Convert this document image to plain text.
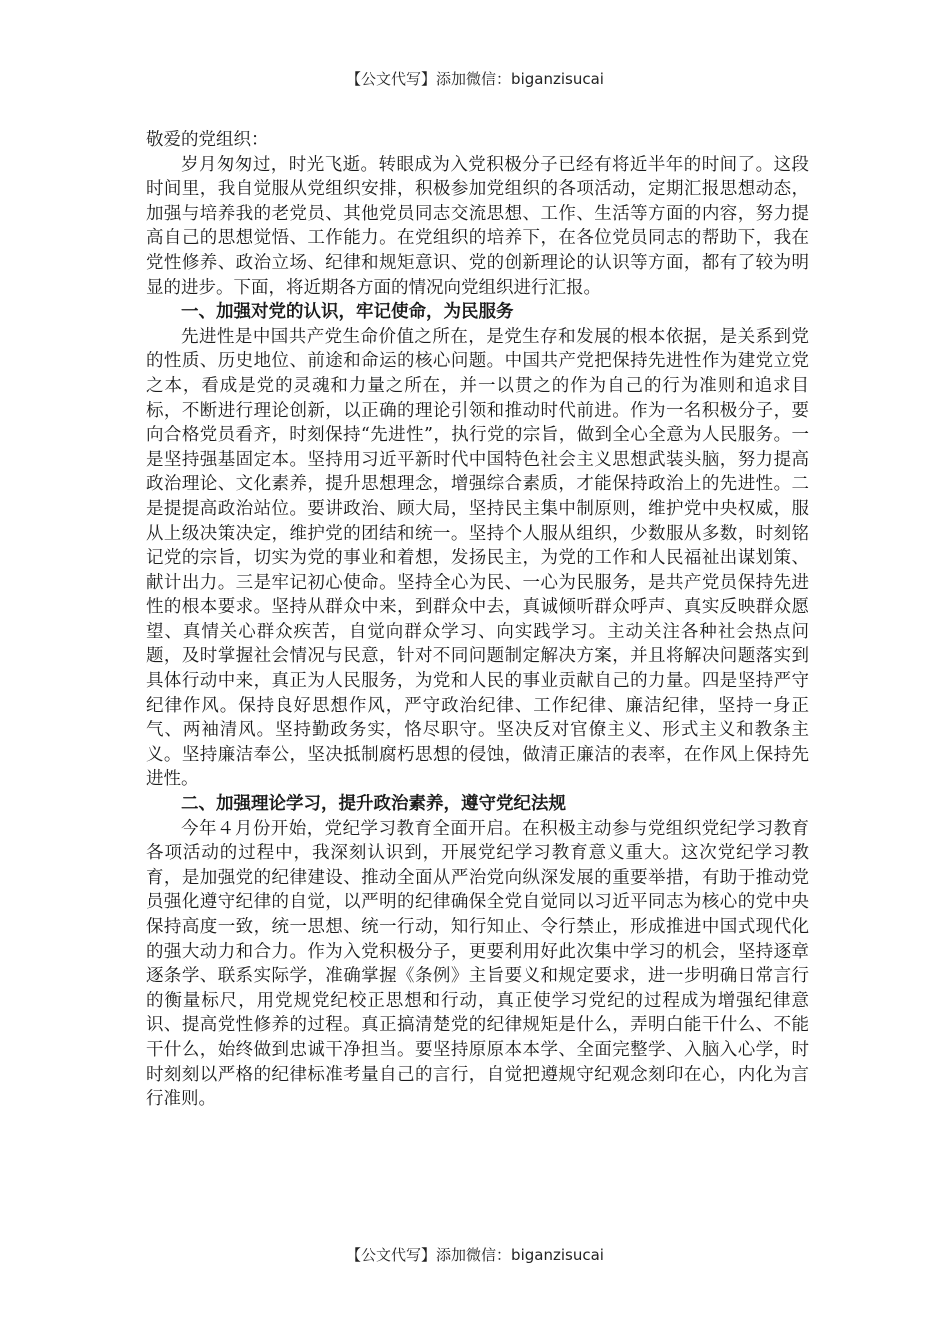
【公文代写】添加微信：biganzisucai

敬爱的党组织：

岁月匆匆过，时光飞逝。转眼成为入党积极分子已经有将近半年的时间了。这段时间里，我自觉服从党组织安排，积极参加党组织的各项活动，定期汇报思想动态，加强与培养我的老党员、其他党员同志交流思想、工作、生活等方面的内容，努力提高自己的思想觉悟、工作能力。在党组织的培养下，在各位党员同志的帮助下，我在党性修养、政治立场、纪律和规矩意识、党的创新理论的认识等方面，都有了较为明显的进步。下面，将近期各方面的情况向党组织进行汇报。

一、加强对党的认识，牢记使命，为民服务

先进性是中国共产党生命价值之所在，是党生存和发展的根本依据，是关系到党的性质、历史地位、前途和命运的核心问题。中国共产党把保持先进性作为建党立党之本，看成是党的灵魂和力量之所在，并一以贯之的作为自己的行为准则和追求目标，不断进行理论创新，以正确的理论引领和推动时代前进。作为一名积极分子，要向合格党员看齐，时刻保持“先进性”，执行党的宗旨，做到全心全意为人民服务。一是坚持强基固定本。坚持用习近平新时代中国特色社会主义思想武装头脑，努力提高政治理论、文化素养，提升思想理念，增强综合素质，才能保持政治上的先进性。二是提提高政治站位。要讲政治、顾大局，坚持民主集中制原则，维护党中央权威，服从上级决策决定，维护党的团结和统一。坚持个人服从组织，少数服从多数，时刻铭记党的宗旨，切实为党的事业和着想，发扬民主，为党的工作和人民福祉出谋划策、献计出力。三是牢记初心使命。坚持全心为民、一心为民服务，是共产党员保持先进性的根本要求。坚持从群众中来，到群众中去，真诚倾听群众呼声、真实反映群众愿望、真情关心群众疾苦，自觉向群众学习、向实践学习。主动关注各种社会热点问题，及时掌握社会情况与民意，针对不同问题制定解决方案，并且将解决问题落实到具体行动中来，真正为人民服务，为党和人民的事业贡献自己的力量。四是坚持严守纪律作风。保持良好思想作风，严守政治纪律、工作纪律、廉洁纪律，坚持一身正气、两袖清风。坚持勤政务实，恪尽职守。坚决反对官僚主义、形式主义和教条主义。坚持廉洁奉公，坚决抵制腐朽思想的侵蚀，做清正廉洁的表率，在作风上保持先进性。

二、加强理论学习，提升政治素养，遵守党纪法规

今年４月份开始，党纪学习教育全面开启。在积极主动参与党组织党纪学习教育各项活动的过程中，我深刻认识到，开展党纪学习教育意义重大。这次党纪学习教育，是加强党的纪律建设、推动全面从严治党向纵深发展的重要举措，有助于推动党员强化遵守纪律的自觉，以严明的纪律确保全党自觉同以习近平同志为核心的党中央保持高度一致，统一思想、统一行动，知行知止、令行禁止，形成推进中国式现代化的强大动力和合力。作为入党积极分子，更要利用好此次集中学习的机会，坚持逐章逐条学、联系实际学，准确掌握《条例》主旨要义和规定要求，进一步明确日常言行的衡量标尺，用党规党纪校正思想和行动，真正使学习党纪的过程成为增强纪律意识、提高党性修养的过程。真正搞清楚党的纪律规矩是什么，弄明白能干什么、不能干什么，始终做到忠诚干净担当。要坚持原原本本学、全面完整学、入脑入心学，时时刻刻以严格的纪律标准考量自己的言行，自觉把遵规守纪观念刻印在心，内化为言行准则。

【公文代写】添加微信：biganzisucai
